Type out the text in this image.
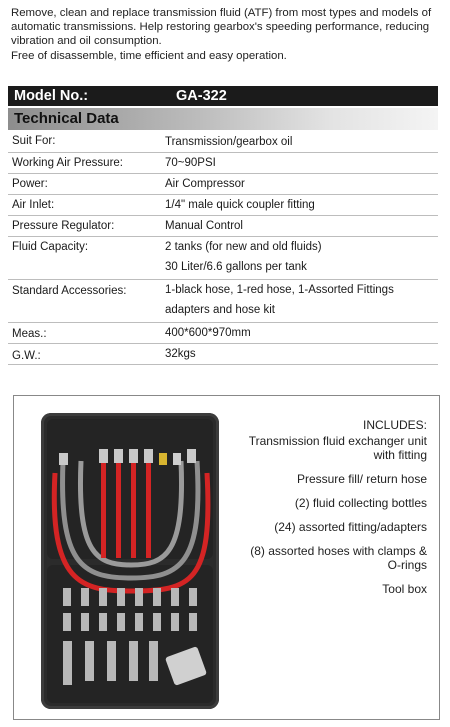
Remove, clean and replace transmission fluid (ATF) from most types and models of automatic transmissions. Help restoring gearbox's speeding performance, reducing vibration and oil consumption.

Free of disassemble, time efficient and easy operation.

Model No.:	GA-322
Technical Data
Suit For:	Transmission/gearbox oil
Working Air Pressure:	70~90PSI
Power:	Air Compressor
Air Inlet:	1/4" male quick coupler fitting
Pressure Regulator:	Manual Control
Fluid Capacity:	2 tanks (for new and old fluids)
30 Liter/6.6 gallons per tank
Standard Accessories:	1-black hose, 1-red hose, 1-Assorted Fittings adapters and hose kit
Meas.:	400*600*970mm
G.W.:	32kgs
INCLUDES:
Transmission fluid exchanger unit with fitting
Pressure fill/ return hose
(2) fluid collecting bottles
(24) assorted fitting/adapters
(8) assorted hoses with clamps & O-rings
Tool box
